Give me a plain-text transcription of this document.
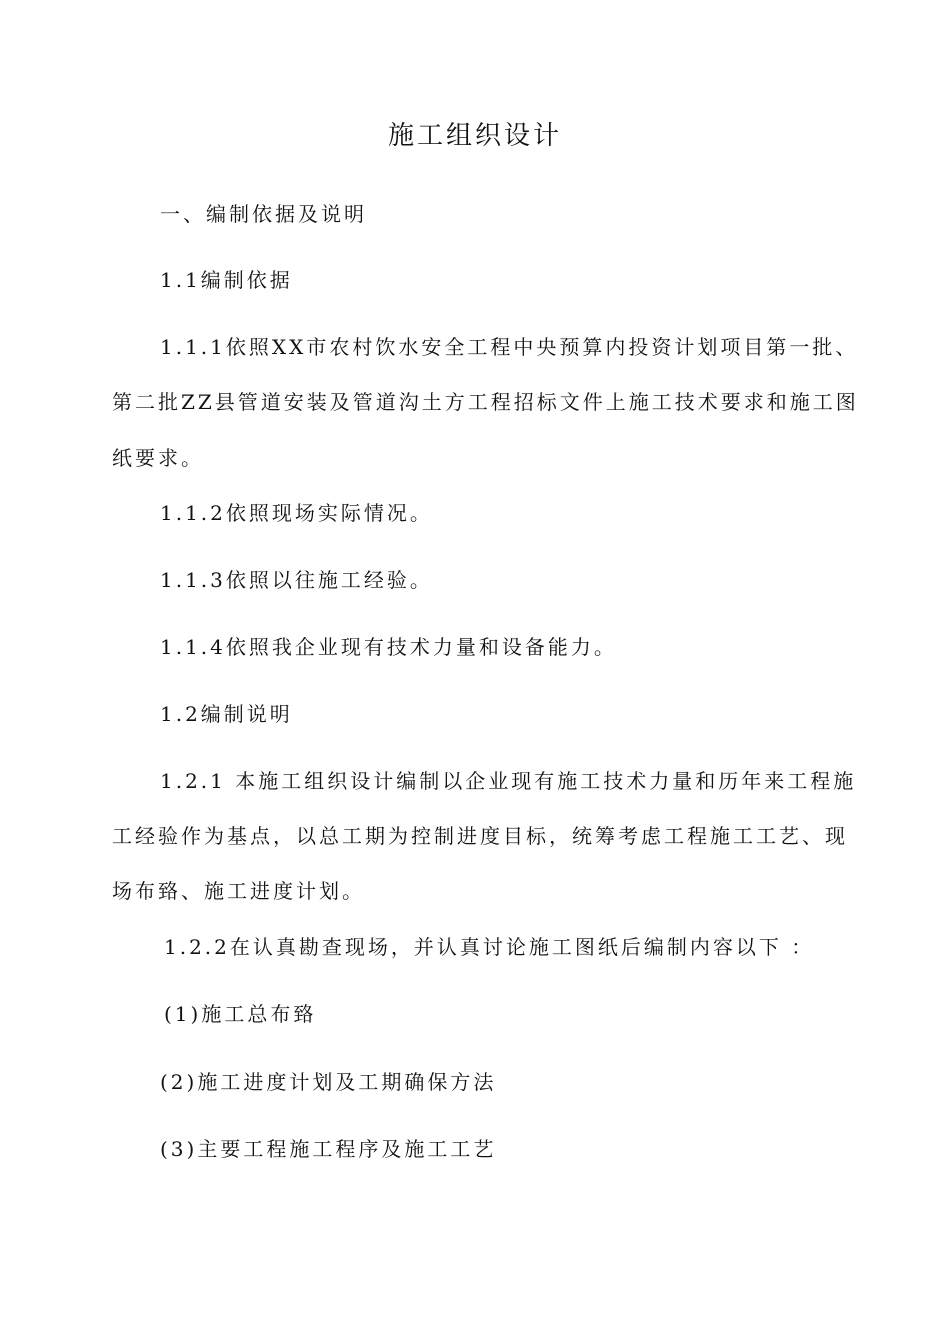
施工组织设计

一、编制依据及说明

1.1编制依据

1.1.1依照XX市农村饮水安全工程中央预算内投资计划项目第一批、

第二批ZZ县管道安装及管道沟土方工程招标文件上施工技术要求和施工图

纸要求。

1.1.2依照现场实际情况。

1.1.3依照以往施工经验。

1.1.4依照我企业现有技术力量和设备能力。

1.2编制说明

1.2.1 本施工组织设计编制以企业现有施工技术力量和历年来工程施

工经验作为基点，以总工期为控制进度目标，统筹考虑工程施工工艺、现

场布臵、施工进度计划。

1.2.2在认真勘查现场，并认真讨论施工图纸后编制内容以下 ：

(1)施工总布臵

(2)施工进度计划及工期确保方法

(3)主要工程施工程序及施工工艺
